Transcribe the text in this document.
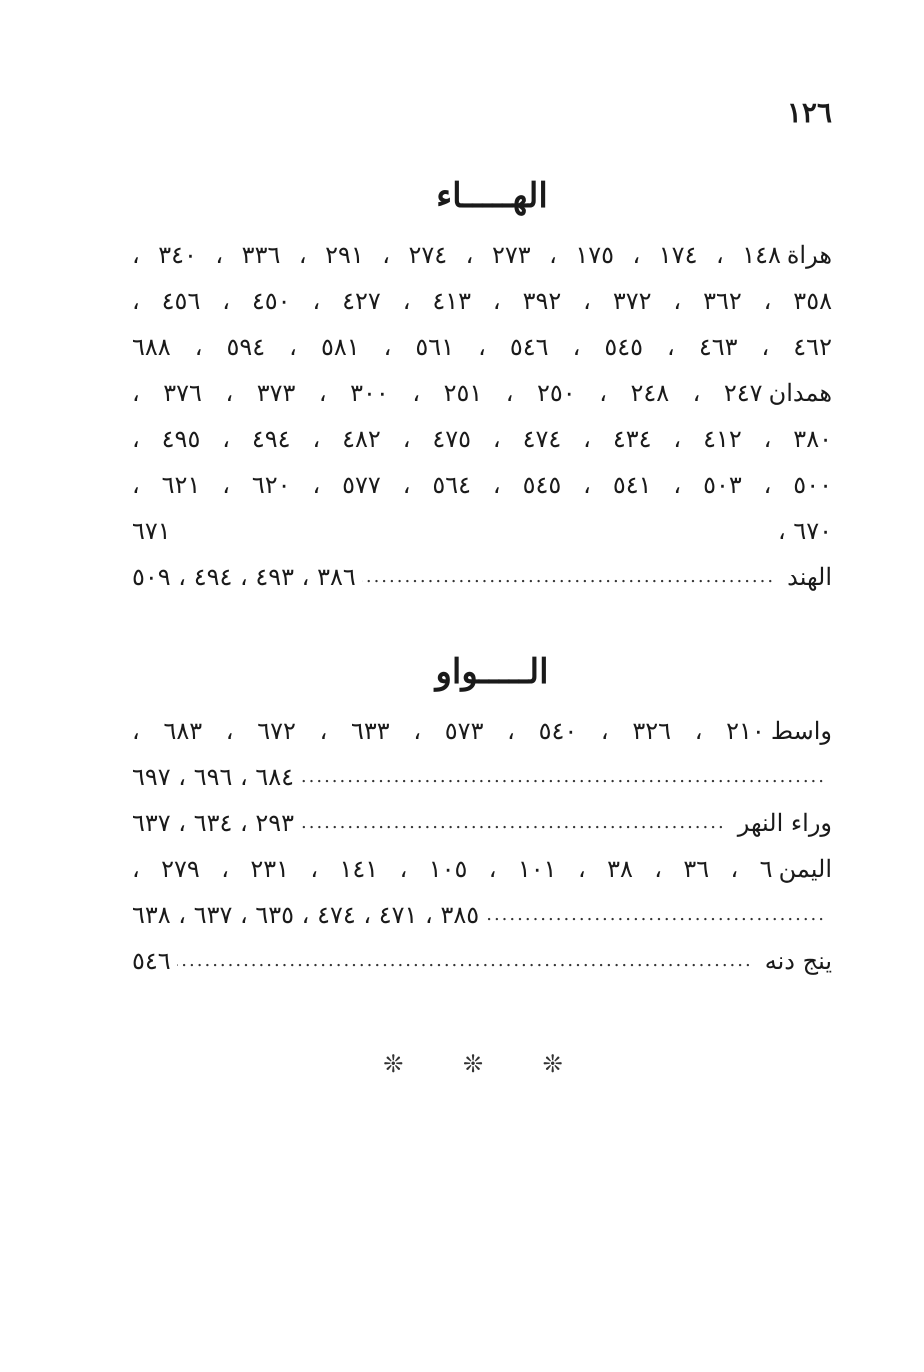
١٢٦
الهـــــاء
هراة
١٤٨ ، ١٧٤ ، ١٧٥ ، ٢٧٣ ، ٢٧٤ ، ٢٩١ ، ٣٣٦ ، ٣٤٠ ،
٣٥٨ ، ٣٦٢ ، ٣٧٢ ، ٣٩٢ ، ٤١٣ ، ٤٢٧ ، ٤٥٠ ، ٤٥٦ ،
٤٦٢ ، ٤٦٣ ، ٥٤٥ ، ٥٤٦ ، ٥٦١ ، ٥٨١ ، ٥٩٤ ، ٦٨٨
همدان
٢٤٧ ، ٢٤٨ ، ٢٥٠ ، ٢٥١ ، ٣٠٠ ، ٣٧٣ ، ٣٧٦ ،
٣٨٠ ، ٤١٢ ، ٤٣٤ ، ٤٧٤ ، ٤٧٥ ، ٤٨٢ ، ٤٩٤ ، ٤٩٥ ،
٥٠٠ ، ٥٠٣ ، ٥٤١ ، ٥٤٥ ، ٥٦٤ ، ٥٧٧ ، ٦٢٠ ، ٦٢١ ،
٦٧٠ ،
٦٧١
الهند
.....
٣٨٦ ، ٤٩٣ ، ٤٩٤ ، ٥٠٩
الـــــواو
واسط
٢١٠ ، ٣٢٦ ، ٥٤٠ ، ٥٧٣ ، ٦٣٣ ، ٦٧٢ ، ٦٨٣ ،
.....
٦٨٤ ، ٦٩٦ ، ٦٩٧
وراء النهر
.....
٢٩٣ ، ٦٣٤ ، ٦٣٧
اليمن
٦ ، ٣٦ ، ٣٨ ، ١٠١ ، ١٠٥ ، ١٤١ ، ٢٣١ ، ٢٧٩ ،
.....
٣٨٥ ، ٤٧١ ، ٤٧٤ ، ٦٣٥ ، ٦٣٧ ، ٦٣٨
ينج دنه
.....
٥٤٦
❊ ❊ ❊
